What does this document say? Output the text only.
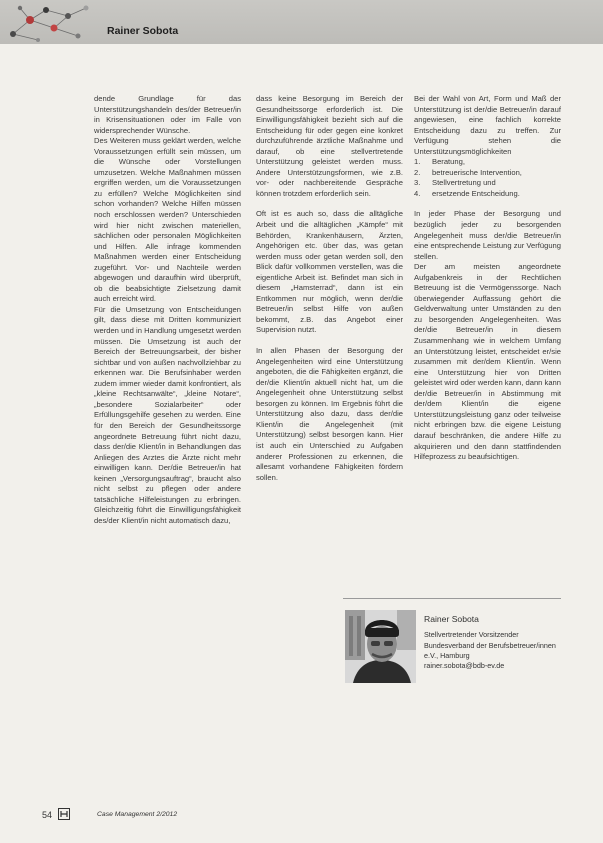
Rainer Sobota

dende Grundlage für das Unterstützungshandeln des/der Betreuer/in in Krisensituationen oder im Falle von widersprechender Wünsche.

Des Weiteren muss geklärt werden, welche Voraussetzungen erfüllt sein müssen, um die Wünsche oder Vorstellungen umzusetzen. Welche Maßnahmen müssen ergriffen werden, um die Voraussetzungen zu erfüllen? Welche Möglichkeiten sind schon vorhanden? Welche Hilfen müssen noch erschlossen werden? Unterschieden wird hier nicht zwischen materiellen, sächlichen oder personalen Möglichkeiten und Hilfen. Alle infrage kommenden Maßnahmen werden einer Entscheidung zugeführt. Vor- und Nachteile werden abgewogen und daraufhin wird überprüft, ob die beabsichtigte Zielsetzung damit auch erreicht wird.

Für die Umsetzung von Entscheidungen gilt, dass diese mit Dritten kommuniziert werden und in Handlung umgesetzt werden müssen. Die Umsetzung ist auch der Bereich der Betreuungsarbeit, der bisher sichtbar und von außen nachvollziehbar zu erkennen war. Die Berufsinhaber werden zudem immer wieder damit konfrontiert, als „kleine Rechtsanwälte“, „kleine Notare“, „besondere Sozialarbeiter“ oder Erfüllungsgehilfe gesehen zu werden. Eine für den Bereich der Gesundheitssorge angeordnete Betreuung führt nicht dazu, dass der/die Klient/in in Behandlungen das Anliegen des Arztes die Ärzte nicht mehr einwilligen kann. Der/die Betreuer/in hat keinen „Versorgungsauftrag“, braucht also nicht selbst zu pflegen oder andere tatsächliche Hilfeleistungen zu erbringen. Gleichzeitig führt die Einwilligungsfähigkeit des/der Klient/in nicht automatisch dazu,

dass keine Besorgung im Bereich der Gesundheitssorge erforderlich ist. Die Einwilligungsfähigkeit bezieht sich auf die Entscheidung für oder gegen eine konkret durchzuführende ärztliche Maßnahme und darauf, ob eine stellvertretende Unterstützung geleistet werden muss. Andere Unterstützungsformen, wie z.B. vor- oder nachbereitende Gespräche können trotzdem erforderlich sein.

Oft ist es auch so, dass die alltägliche Arbeit und die alltäglichen „Kämpfe“ mit Behörden, Krankenhäusern, Ärzten, Angehörigen etc. über das, was getan werden muss oder getan werden soll, den Blick dafür vollkommen verstellen, was die eigentliche Arbeit ist. Befindet man sich in diesem „Hamsterrad“, dann ist ein Entkommen nur möglich, wenn der/die Betreuer/in selbst Hilfe von außen bekommt, z.B. das Angebot einer Supervision nutzt.

In allen Phasen der Besorgung der Angelegenheiten wird eine Unterstützung angeboten, die die Fähigkeiten ergänzt, die der/die Klient/in aktuell nicht hat, um die Angelegenheit ohne Unterstützung selbst besorgen zu können. Im Ergebnis führt die Unterstützung also dazu, dass der/die Klient/in die Angelegenheit (mit Unterstützung) selbst besorgen kann. Hier ist auch ein Unterschied zu Aufgaben anderer Professionen zu erkennen, die allesamt vorhandene Fähigkeiten fördern sollen.

Bei der Wahl von Art, Form und Maß der Unterstützung ist der/die Betreuer/in darauf angewiesen, eine fachlich korrekte Entscheidung dazu zu treffen. Zur Verfügung stehen die Unterstützungsmöglichkeiten

1.	Beratung,
2.	betreuerische Intervention,
3.	Stellvertretung und
4.	ersetzende Entscheidung.

In jeder Phase der Besorgung und bezüglich jeder zu besorgenden Angelegenheit muss der/die Betreuer/in eine entsprechende Leistung zur Verfügung stellen.

Der am meisten angeordnete Aufgabenkreis in der Rechtlichen Betreuung ist die Vermögenssorge. Nach überwiegender Auffassung gehört die Geldverwaltung unter Umständen zu den zu besorgenden Angelegenheiten. Was der/die Betreuer/in in diesem Zusammenhang wie in welchem Umfang an Unterstützung leistet, entscheidet er/sie zusammen mit der/dem Klient/in. Wenn eine Unterstützung hier von Dritten geleistet wird oder werden kann, dann kann der/die Betreuer/in in Abstimmung mit der/dem Klient/in die eigene Unterstützungsleistung ganz oder teilweise nicht erbringen bzw. die eigene Leistung darauf beschränken, die andere Hilfe zu akquirieren und den dann stattfindenden Hilfeprozess zu beaufsichtigen.

Rainer Sobota
Stellvertretender Vorsitzender Bundesverband der Berufsbetreuer/innen e.V., Hamburg
rainer.sobota@bdb-ev.de
54	Case Management 2/2012
